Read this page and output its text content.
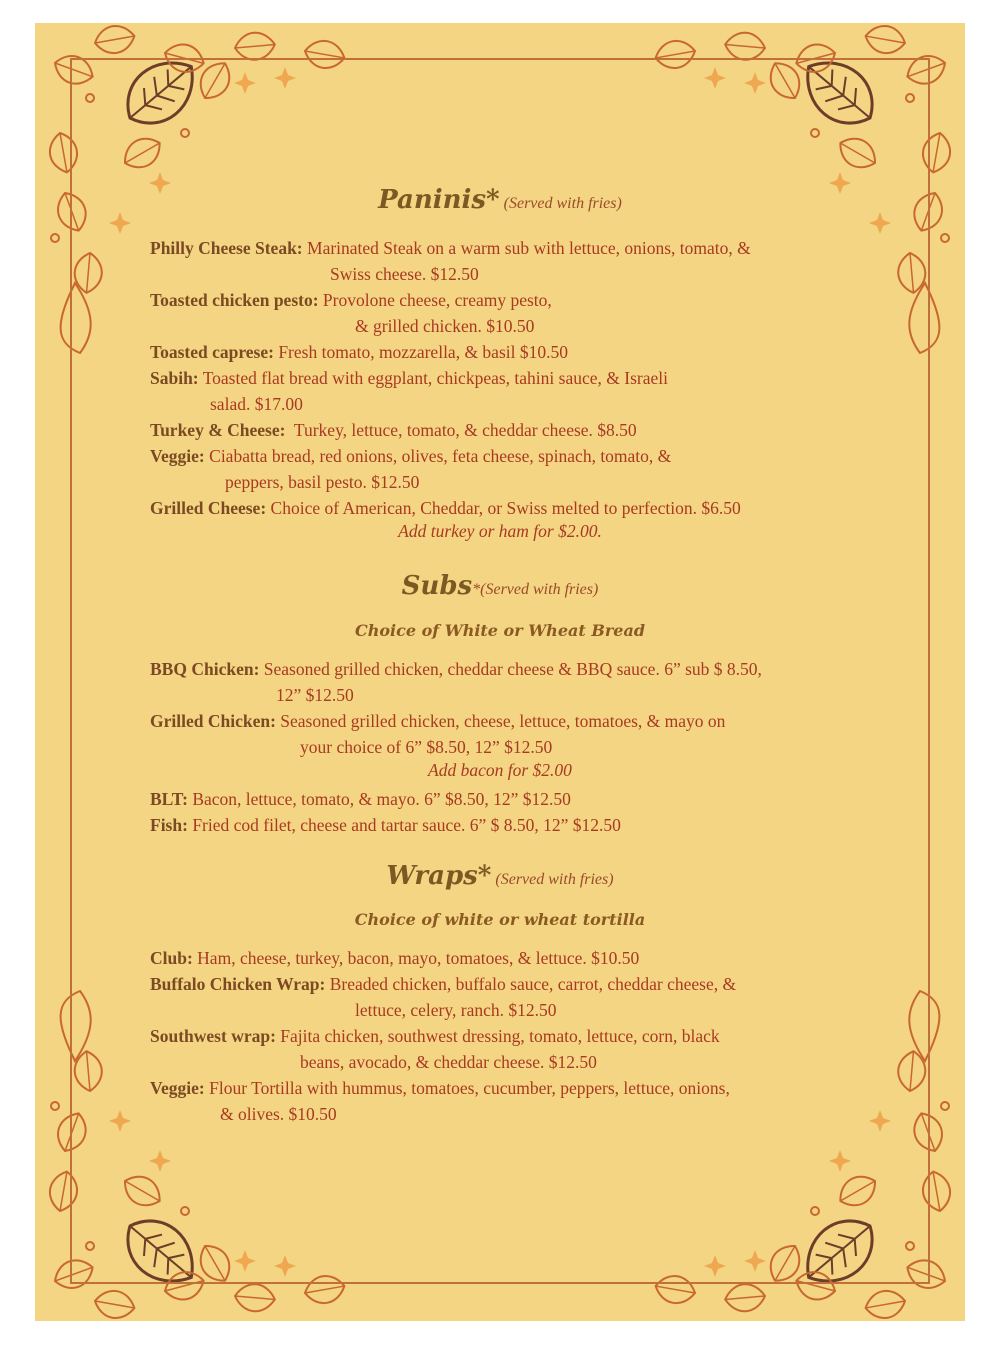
Paninis* (Served with fries)
Philly Cheese Steak: Marinated Steak on a warm sub with lettuce, onions, tomato, &
Swiss cheese. $12.50
Toasted chicken pesto: Provolone cheese, creamy pesto,
& grilled chicken. $10.50
Toasted caprese: Fresh tomato, mozzarella, & basil $10.50
Sabih: Toasted flat bread with eggplant, chickpeas, tahini sauce, & Israeli
salad. $17.00
Turkey & Cheese:  Turkey, lettuce, tomato, & cheddar cheese. $8.50
Veggie: Ciabatta bread, red onions, olives, feta cheese, spinach, tomato, &
peppers, basil pesto. $12.50
Grilled Cheese: Choice of American, Cheddar, or Swiss melted to perfection. $6.50
Add turkey or ham for $2.00.
Subs*(Served with fries)
Choice of White or Wheat Bread
BBQ Chicken: Seasoned grilled chicken, cheddar cheese & BBQ sauce. 6” sub $ 8.50,
12” $12.50
Grilled Chicken: Seasoned grilled chicken, cheese, lettuce, tomatoes, & mayo on
your choice of 6” $8.50, 12” $12.50
Add bacon for $2.00
BLT: Bacon, lettuce, tomato, & mayo. 6” $8.50, 12” $12.50
Fish: Fried cod filet, cheese and tartar sauce. 6” $ 8.50, 12” $12.50
Wraps* (Served with fries)
Choice of white or wheat tortilla
Club: Ham, cheese, turkey, bacon, mayo, tomatoes, & lettuce. $10.50
Buffalo Chicken Wrap: Breaded chicken, buffalo sauce, carrot, cheddar cheese, &
lettuce, celery, ranch. $12.50
Southwest wrap: Fajita chicken, southwest dressing, tomato, lettuce, corn, black
beans, avocado, & cheddar cheese. $12.50
Veggie: Flour Tortilla with hummus, tomatoes, cucumber, peppers, lettuce, onions,
& olives. $10.50
